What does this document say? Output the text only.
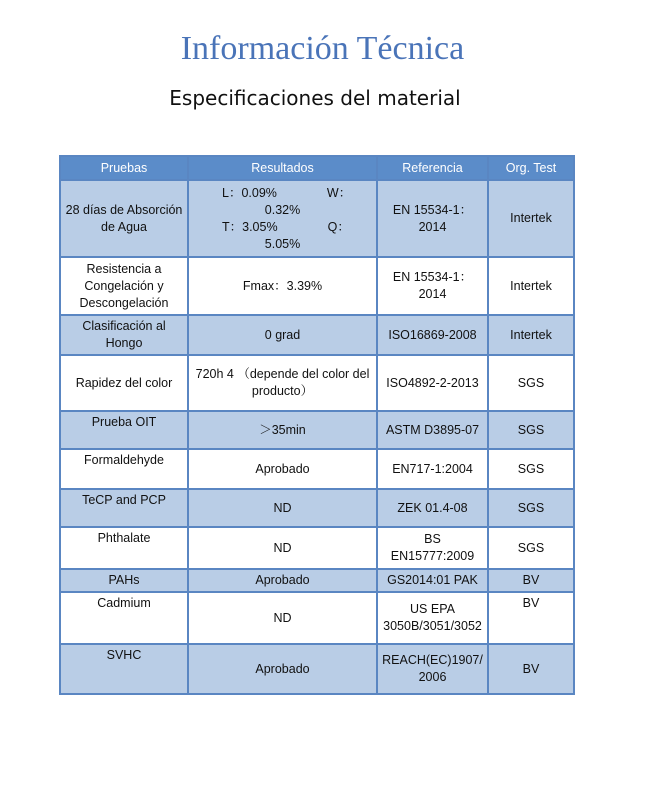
Información Técnica
Especificaciones del material
Pruebas	Resultados	Referencia	Org. Test
28 días de Absorción de Agua	L：0.09% W：
0.32%
T：3.05% Q：
5.05%	EN 15534-1：2014	Intertek
Resistencia a Congelación y Descongelación	Fmax：3.39%	EN 15534-1：2014	Intertek
Clasificación al Hongo	0 grad	ISO16869-2008	Intertek
Rapidez del color	720h 4 （depende del color del producto）	ISO4892-2-2013	SGS
Prueba OIT	＞35min	ASTM D3895-07	SGS
Formaldehyde	Aprobado	EN717-1:2004	SGS
TeCP and PCP	ND	ZEK 01.4-08	SGS
Phthalate	ND	BS EN15777:2009	SGS
PAHs	Aprobado	GS2014:01 PAK	BV
Cadmium	ND	US EPA 3050B/3051/3052	BV
SVHC	Aprobado	REACH(EC)1907/2006	BV
